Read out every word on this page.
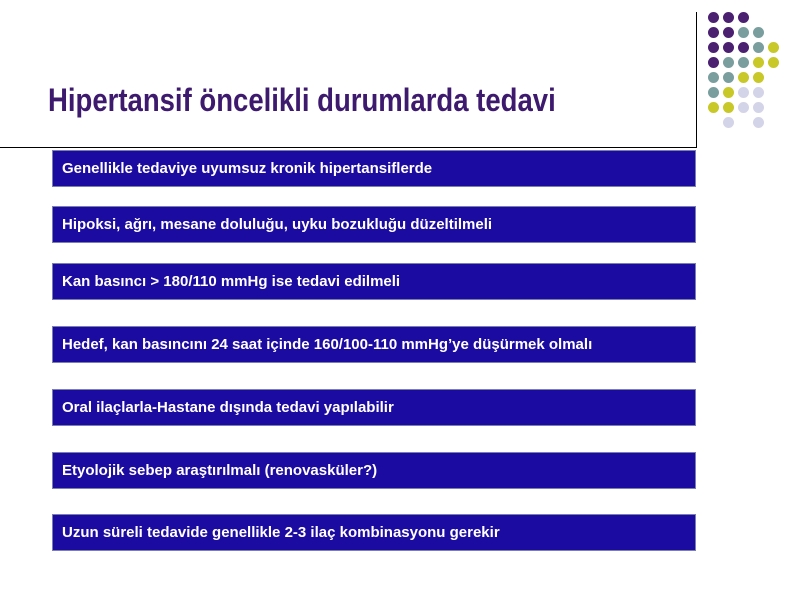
Hipertansif öncelikli durumlarda tedavi
Genellikle tedaviye uyumsuz kronik hipertansiflerde
Hipoksi, ağrı, mesane doluluğu, uyku bozukluğu düzeltilmeli
Kan basıncı > 180/110 mmHg ise tedavi edilmeli
Hedef, kan basıncını 24 saat içinde 160/100-110 mmHg’ye düşürmek olmalı
Oral ilaçlarla-Hastane dışında tedavi yapılabilir
Etyolojik sebep araştırılmalı (renovasküler?)
Uzun süreli tedavide genellikle 2-3 ilaç kombinasyonu gerekir
